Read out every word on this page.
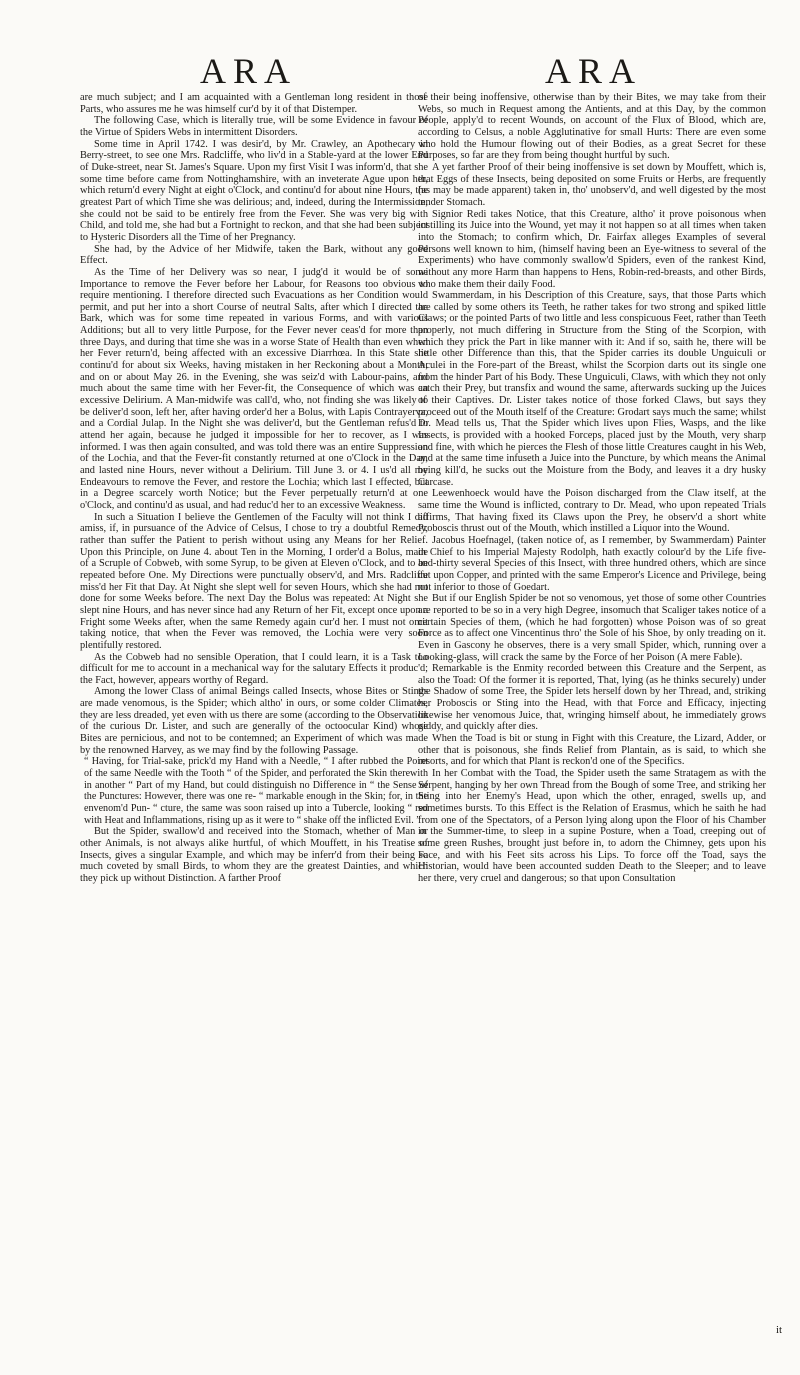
ARA	ARA

are much subject; and I am acquainted with a Gentleman long resident in those Parts, who assures me he was himself cur'd by it of that Distemper.

The following Case, which is literally true, will be some Evidence in favour of the Virtue of Spiders Webs in intermittent Disorders.

Some time in April 1742. I was desir'd, by Mr. Crawley, an Apothecary in Berry-street, to see one Mrs. Radcliffe, who liv'd in a Stable-yard at the lower End of Duke-street, near St. James's Square. Upon my first Visit I was inform'd, that she some time before came from Nottinghamshire, with an inveterate Ague upon her, which return'd every Night at eight o'Clock, and continu'd for about nine Hours, the greatest Part of which Time she was delirious; and, indeed, during the Intermission, she could not be said to be entirely free from the Fever. She was very big with Child, and told me, she had but a Fortnight to reckon, and that she had been subject to Hysteric Disorders all the Time of her Pregnancy.

She had, by the Advice of her Midwife, taken the Bark, without any good Effect.

As the Time of her Delivery was so near, I judg'd it would be of some Importance to remove the Fever before her Labour, for Reasons too obvious to require mentioning. I therefore directed such Evacuations as her Condition would permit, and put her into a short Course of neutral Salts, after which I directed the Bark, which was for some time repeated in various Forms, and with various Additions; but all to very little Purpose, for the Fever never ceas'd for more than three Days, and during that time she was in a worse State of Health than even when her Fever return'd, being affected with an excessive Diarrhœa. In this State she continu'd for about six Weeks, having mistaken in her Reckoning about a Month; and on or about May 26. in the Evening, she was seiz'd with Labour-pains, and much about the same time with her Fever-fit, the Consequence of which was an excessive Delirium. A Man-midwife was call'd, who, not finding she was likely to be deliver'd soon, left her, after having order'd her a Bolus, with Lapis Contrayerva, and a Cordial Julap. In the Night she was deliver'd, but the Gentleman refus'd to attend her again, because he judged it impossible for her to recover, as I was informed. I was then again consulted, and was told there was an entire Suppression of the Lochia, and that the Fever-fit constantly returned at one o'Clock in the Day, and lasted nine Hours, never without a Delirium. Till June 3. or 4. I us'd all my Endeavours to remove the Fever, and restore the Lochia; which last I effected, but in a Degree scarcely worth Notice; but the Fever perpetually return'd at one o'Clock, and continu'd as usual, and had reduc'd her to an excessive Weakness.

In such a Situation I believe the Gentlemen of the Faculty will not think I did amiss, if, in pursuance of the Advice of Celsus, I chose to try a doubtful Remedy, rather than suffer the Patient to perish without using any Means for her Relief. Upon this Principle, on June 4. about Ten in the Morning, I order'd a Bolus, made of a Scruple of Cobweb, with some Syrup, to be given at Eleven o'Clock, and to be repeated before One. My Directions were punctually observ'd, and Mrs. Radcliffe miss'd her Fit that Day. At Night she slept well for seven Hours, which she had not done for some Weeks before. The next Day the Bolus was repeated: At Night she slept nine Hours, and has never since had any Return of her Fit, except once upon a Fright some Weeks after, when the same Remedy again cur'd her. I must not omit taking notice, that when the Fever was removed, the Lochia were very soon plentifully restored.

As the Cobweb had no sensible Operation, that I could learn, it is a Task too difficult for me to account in a mechanical way for the salutary Effects it produc'd; the Fact, however, appears worthy of Regard.

Among the lower Class of animal Beings called Insects, whose Bites or Stings are made venomous, is the Spider; which altho' in ours, or some colder Climates, they are less dreaded, yet even with us there are some (according to the Observation of the curious Dr. Lister, and such are generally of the octoocular Kind) whose Bites are pernicious, and not to be contemned; an Experiment of which was made by the renowned Harvey, as we may find by the following Passage.

“ Having, for Trial-sake, prick'd my Hand with a Needle, “ I after rubbed the Point of the same Needle with the Tooth “ of the Spider, and perforated the Skin therewith in another “ Part of my Hand, but could distinguish no Difference in “ the Sense of the Punctures: However, there was one re- “ markable enough in the Skin; for, in the envenom'd Pun- “ cture, the same was soon raised up into a Tubercle, looking “ red with Heat and Inflammations, rising up as it were to “ shake off the inflicted Evil. ”

But the Spider, swallow'd and received into the Stomach, whether of Man or other Animals, is not always alike hurtful, of which Mouffett, in his Treatise of Insects, gives a singular Example, and which may be inferr'd from their being so much coveted by small Birds, to whom they are the greatest Dainties, and which they pick up without Distinction. A farther Proof

of their being inoffensive, otherwise than by their Bites, we may take from their Webs, so much in Request among the Antients, and at this Day, by the common People, apply'd to recent Wounds, on account of the Flux of Blood, which are, according to Celsus, a noble Agglutinative for small Hurts: There are even some who hold the Humour flowing out of their Bodies, as a great Secret for these Purposes, so far are they from being thought hurtful by such.

A yet farther Proof of their being inoffensive is set down by Mouffett, which is, that Eggs of these Insects, being deposited on some Fruits or Herbs, are frequently (as may be made apparent) taken in, tho' unobserv'd, and well digested by the most tender Stomach.

Signior Redi takes Notice, that this Creature, altho' it prove poisonous when instilling its Juice into the Wound, yet may it not happen so at all times when taken into the Stomach; to confirm which, Dr. Fairfax alleges Examples of several Persons well known to him, (himself having been an Eye-witness to several of the Experiments) who have commonly swallow'd Spiders, even of the rankest Kind, without any more Harm than happens to Hens, Robin-red-breasts, and other Birds, who make them their daily Food.

Swammerdam, in his Description of this Creature, says, that those Parts which are called by some others its Teeth, he rather takes for two strong and spiked little Claws; or the pointed Parts of two little and less conspicuous Feet, rather than Teeth properly, not much differing in Structure from the Sting of the Scorpion, with which they prick the Part in like manner with it: And if so, saith he, there will be little other Difference than this, that the Spider carries its double Unguiculi or Aculei in the Fore-part of the Breast, whilst the Scorpion darts out its single one from the hinder Part of his Body. These Unguiculi, Claws, with which they not only catch their Prey, but transfix and wound the same, afterwards sucking up the Juices of their Captives. Dr. Lister takes notice of those forked Claws, but says they proceed out of the Mouth itself of the Creature: Grodart says much the same; whilst Dr. Mead tells us, That the Spider which lives upon Flies, Wasps, and the like Insects, is provided with a hooked Forceps, placed just by the Mouth, very sharp and fine, with which he pierces the Flesh of those little Creatures caught in his Web, and at the same time infuseth a Juice into the Puncture, by which means the Animal being kill'd, he sucks out the Moisture from the Body, and leaves it a dry husky Carcase.

Leewenhoeck would have the Poison discharged from the Claw itself, at the same time the Wound is inflicted, contrary to Dr. Mead, who upon repeated Trials affirms, That having fixed its Claws upon the Prey, he observ'd a short white Proboscis thrust out of the Mouth, which instilled a Liquor into the Wound.

Jacobus Hoefnagel, (taken notice of, as I remember, by Swammerdam) Painter in Chief to his Imperial Majesty Rodolph, hath exactly colour'd by the Life five-and-thirty several Species of this Insect, with three hundred others, which are since cut upon Copper, and printed with the same Emperor's Licence and Privilege, being not inferior to those of Goedart.

But if our English Spider be not so venomous, yet those of some other Countries are reported to be so in a very high Degree, insomuch that Scaliger takes notice of a certain Species of them, (which he had forgotten) whose Poison was of so great Force as to affect one Vincentinus thro' the Sole of his Shoe, by only treading on it. Even in Gascony he observes, there is a very small Spider, which, running over a Looking-glass, will crack the same by the Force of her Poison (A mere Fable).

Remarkable is the Enmity recorded between this Creature and the Serpent, as also the Toad: Of the former it is reported, That, lying (as he thinks securely) under the Shadow of some Tree, the Spider lets herself down by her Thread, and, striking her Proboscis or Sting into the Head, with that Force and Efficacy, injecting likewise her venomous Juice, that, wringing himself about, he immediately grows giddy, and quickly after dies.

When the Toad is bit or stung in Fight with this Creature, the Lizard, Adder, or other that is poisonous, she finds Relief from Plantain, as is said, to which she resorts, and for which that Plant is reckon'd one of the Specifics.

In her Combat with the Toad, the Spider useth the same Stratagem as with the Serpent, hanging by her own Thread from the Bough of some Tree, and striking her Sting into her Enemy's Head, upon which the other, enraged, swells up, and sometimes bursts. To this Effect is the Relation of Erasmus, which he saith he had from one of the Spectators, of a Person lying along upon the Floor of his Chamber in the Summer-time, to sleep in a supine Posture, when a Toad, creeping out of some green Rushes, brought just before in, to adorn the Chimney, gets upon his Face, and with his Feet sits across his Lips. To force off the Toad, says the Historian, would have been accounted sudden Death to the Sleeper; and to leave her there, very cruel and dangerous; so that upon Consultation

it
